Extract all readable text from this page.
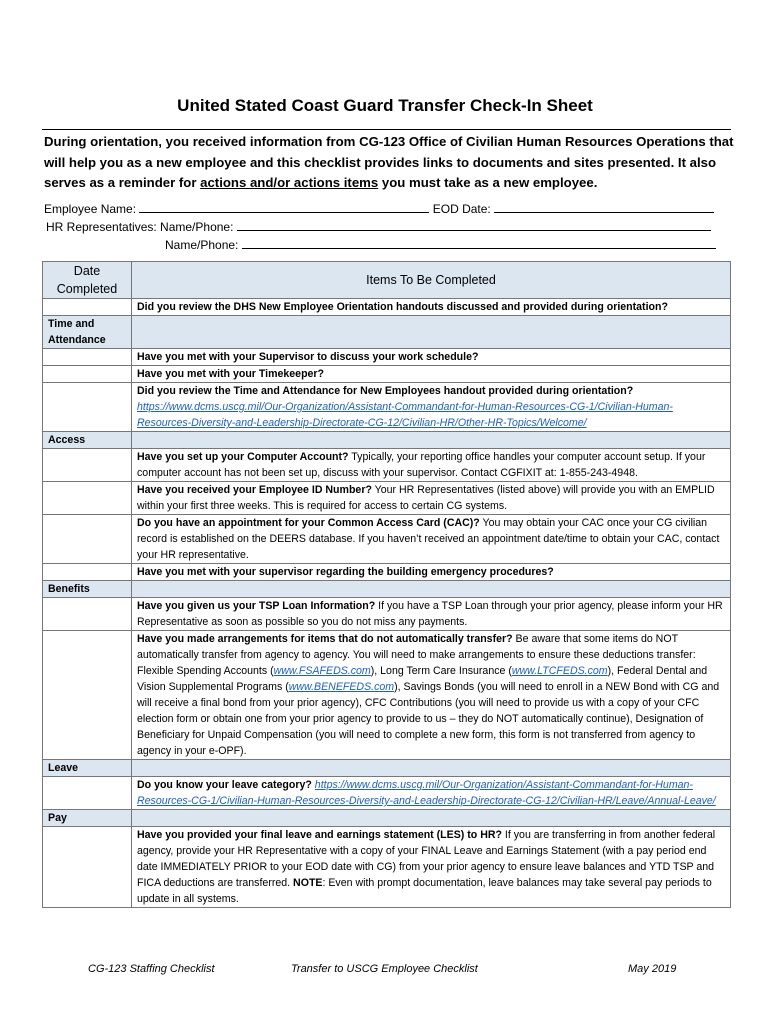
United Stated Coast Guard Transfer Check-In Sheet
During orientation, you received information from CG-123 Office of Civilian Human Resources Operations that will help you as a new employee and this checklist provides links to documents and sites presented. It also serves as a reminder for actions and/or actions items you must take as a new employee.
Employee Name:	EOD Date:
HR Representatives: Name/Phone:
Name/Phone:
Date Completed	Items To Be Completed
	Did you review the DHS New Employee Orientation handouts discussed and provided during orientation?
Time and Attendance	
	Have you met with your Supervisor to discuss your work schedule?
	Have you met with your Timekeeper?
	Did you review the Time and Attendance for New Employees handout provided during orientation? https://www.dcms.uscg.mil/Our-Organization/Assistant-Commandant-for-Human-Resources-CG-1/Civilian-Human-Resources-Diversity-and-Leadership-Directorate-CG-12/Civilian-HR/Other-HR-Topics/Welcome/
Access	
	Have you set up your Computer Account? Typically, your reporting office handles your computer account setup. If your computer account has not been set up, discuss with your supervisor. Contact CGFIXIT at: 1-855-243-4948.
	Have you received your Employee ID Number? Your HR Representatives (listed above) will provide you with an EMPLID within your first three weeks. This is required for access to certain CG systems.
	Do you have an appointment for your Common Access Card (CAC)? You may obtain your CAC once your CG civilian record is established on the DEERS database. If you haven’t received an appointment date/time to obtain your CAC, contact your HR representative.
	Have you met with your supervisor regarding the building emergency procedures?
Benefits	
	Have you given us your TSP Loan Information? If you have a TSP Loan through your prior agency, please inform your HR Representative as soon as possible so you do not miss any payments.
	Have you made arrangements for items that do not automatically transfer? Be aware that some items do NOT automatically transfer from agency to agency. You will need to make arrangements to ensure these deductions transfer: Flexible Spending Accounts (www.FSAFEDS.com), Long Term Care Insurance (www.LTCFEDS.com), Federal Dental and Vision Supplemental Programs (www.BENEFEDS.com), Savings Bonds (you will need to enroll in a NEW Bond with CG and will receive a final bond from your prior agency), CFC Contributions (you will need to provide us with a copy of your CFC election form or obtain one from your prior agency to provide to us – they do NOT automatically continue), Designation of Beneficiary for Unpaid Compensation (you will need to complete a new form, this form is not transferred from agency to agency in your e-OPF).
Leave	
	Do you know your leave category? https://www.dcms.uscg.mil/Our-Organization/Assistant-Commandant-for-Human-Resources-CG-1/Civilian-Human-Resources-Diversity-and-Leadership-Directorate-CG-12/Civilian-HR/Leave/Annual-Leave/
Pay	
	Have you provided your final leave and earnings statement (LES) to HR? If you are transferring in from another federal agency, provide your HR Representative with a copy of your FINAL Leave and Earnings Statement (with a pay period end date IMMEDIATELY PRIOR to your EOD date with CG) from your prior agency to ensure leave balances and YTD TSP and FICA deductions are transferred. NOTE: Even with prompt documentation, leave balances may take several pay periods to update in all systems.
CG-123 Staffing Checklist	Transfer to USCG Employee Checklist	May 2019
